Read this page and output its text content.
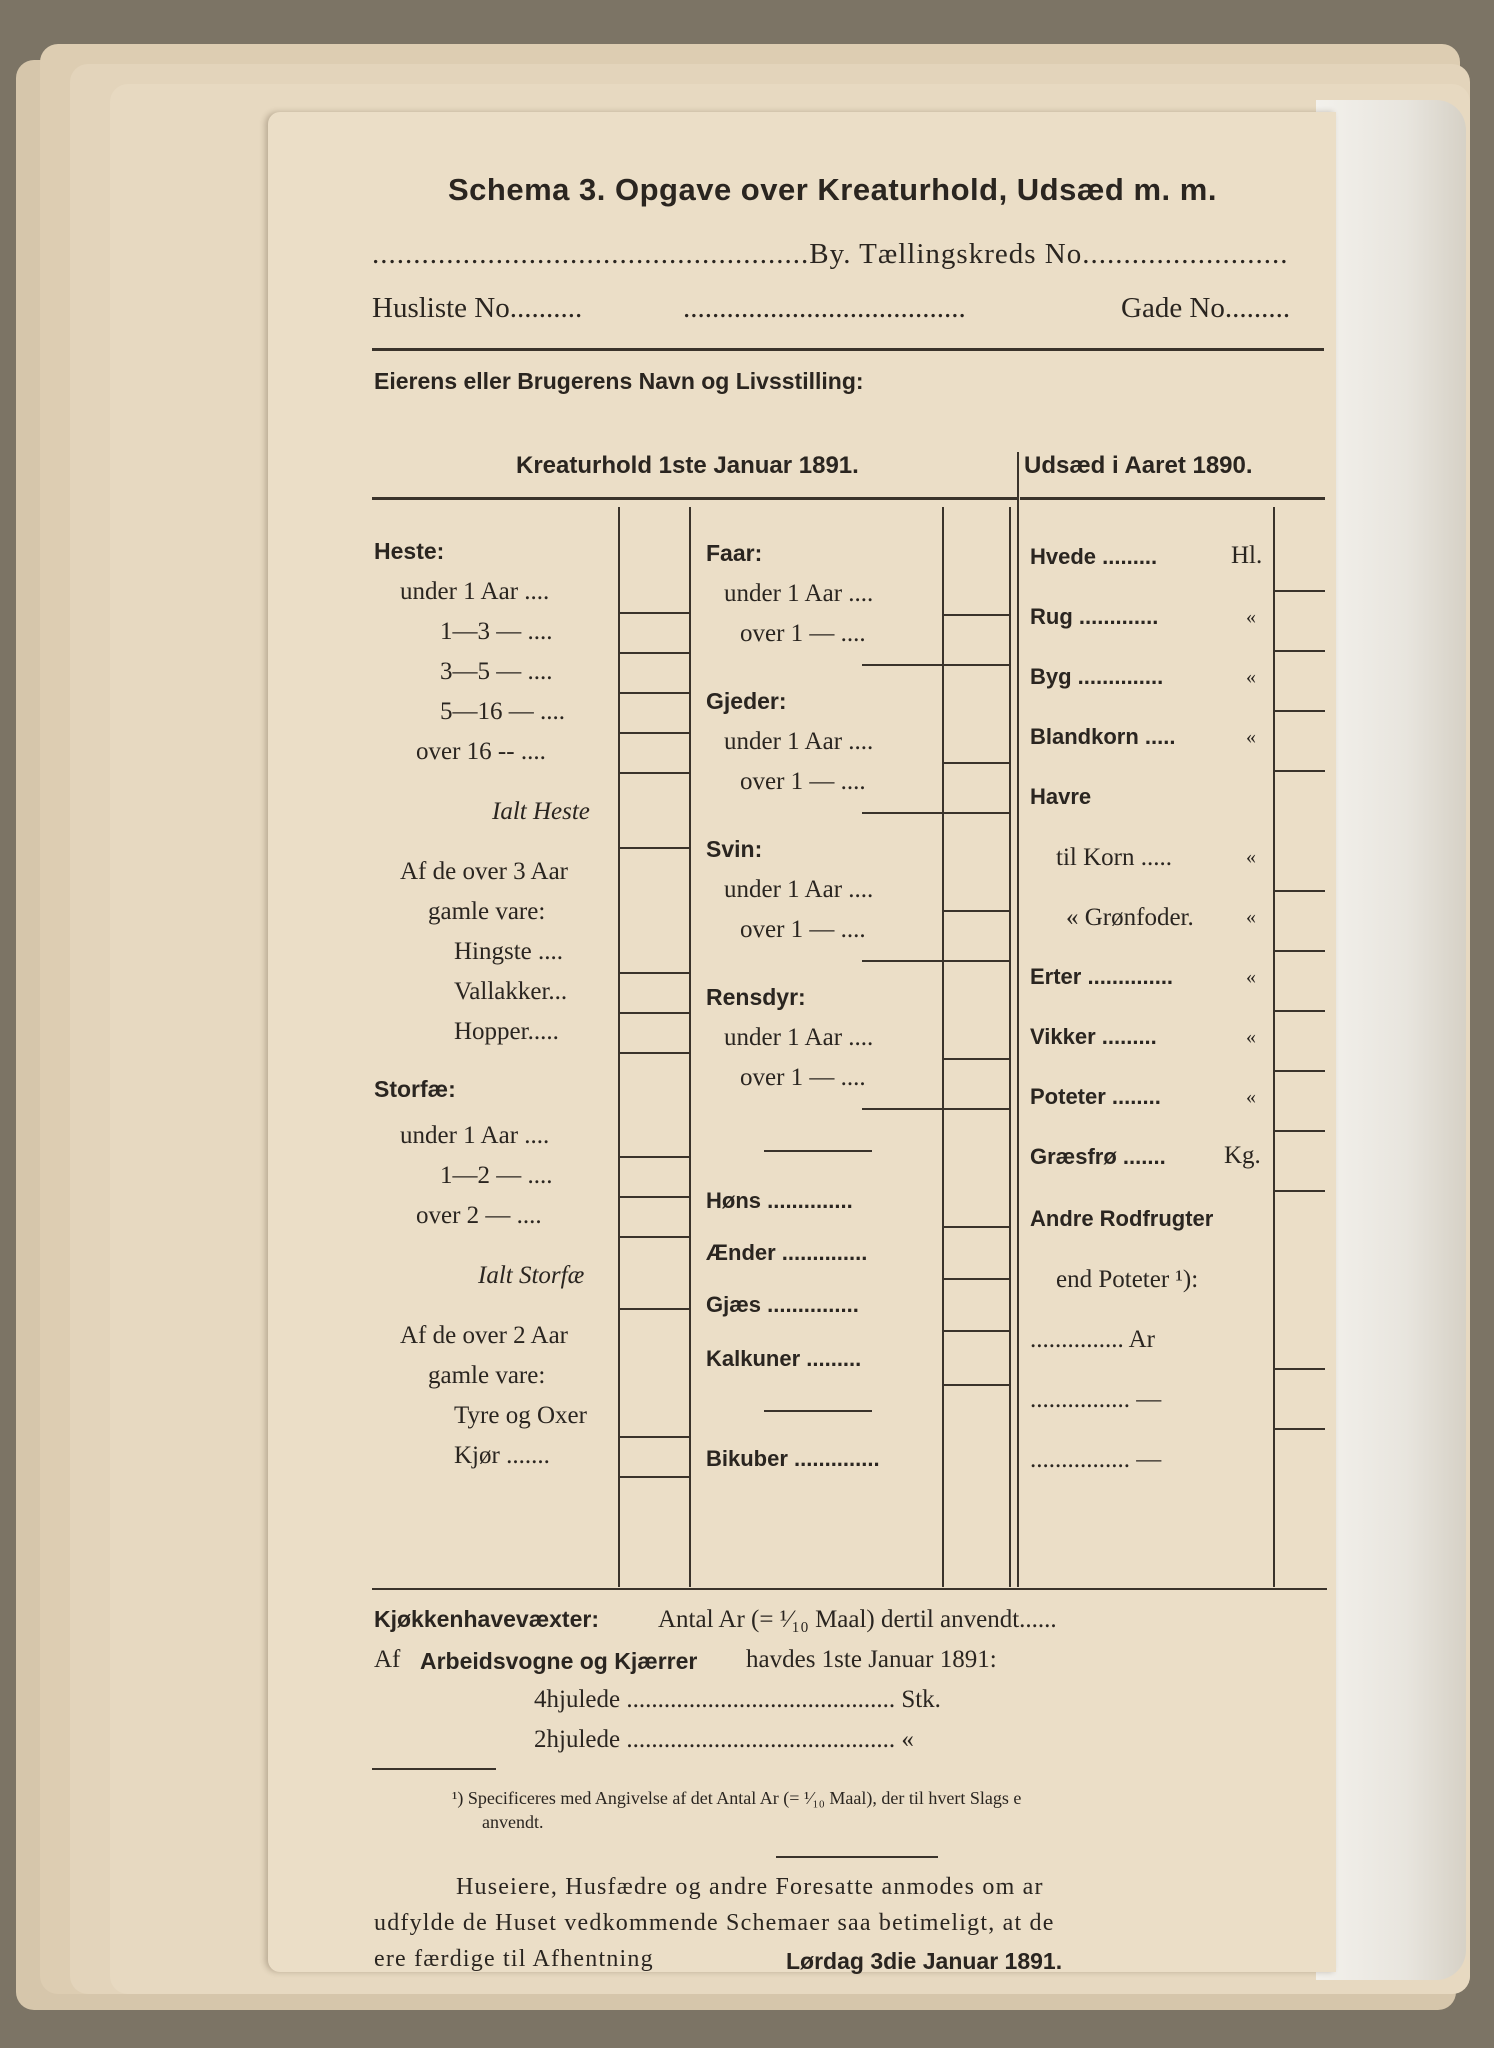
Schema 3. Opgave over Kreaturhold, Udsæd m. m.
.....................................................By. Tællingskreds No.........................
Husliste No..........	.......................................	Gade No.........
Eierens eller Brugerens Navn og Livsstilling:
Kreaturhold 1ste Januar 1891.	Udsæd i Aaret 1890.
Heste:
under 1 Aar ....
1—3 — ....
3—5 — ....
5—16 — ....
over 16 -- ....
Ialt Heste
Af de over 3 Aar
gamle vare:
Hingste ....
Vallakker...
Hopper.....
Storfæ:
under 1 Aar ....
1—2 — ....
over 2 — ....
Ialt Storfæ
Af de over 2 Aar
gamle vare:
Tyre og Oxer
Kjør .......
Faar:
under 1 Aar ....
over 1 — ....
Gjeder:
under 1 Aar ....
over 1 — ....
Svin:
under 1 Aar ....
over 1 — ....
Rensdyr:
under 1 Aar ....
over 1 — ....
Høns ..............
Ænder ..............
Gjæs ...............
Kalkuner .........
Bikuber ..............
Hvede .........	Hl.
Rug .............	«
Byg ..............	«
Blandkorn .....	«
Havre
til Korn .....	«
« Grønfoder.	«
Erter ..............	«
Vikker .........	«
Poteter ........	«
Græsfrø ....... Kg.
Andre Rodfrugter
end Poteter ¹):
............... Ar
................ —
................ —
Kjøkkenhavevæxter: Antal Ar (= ¹⁄₁₀ Maal) dertil anvendt......
Af Arbeidsvogne og Kjærrer havdes 1ste Januar 1891:
4hjulede ........................................... Stk.
2hjulede ........................................... «
¹) Specificeres med Angivelse af det Antal Ar (= ¹⁄₁₀ Maal), der til hvert Slags e
anvendt.
Huseiere, Husfædre og andre Foresatte anmodes om ar
udfylde de Huset vedkommende Schemaer saa betimeligt, at de
ere færdige til Afhentning	Lørdag 3die Januar 1891.
